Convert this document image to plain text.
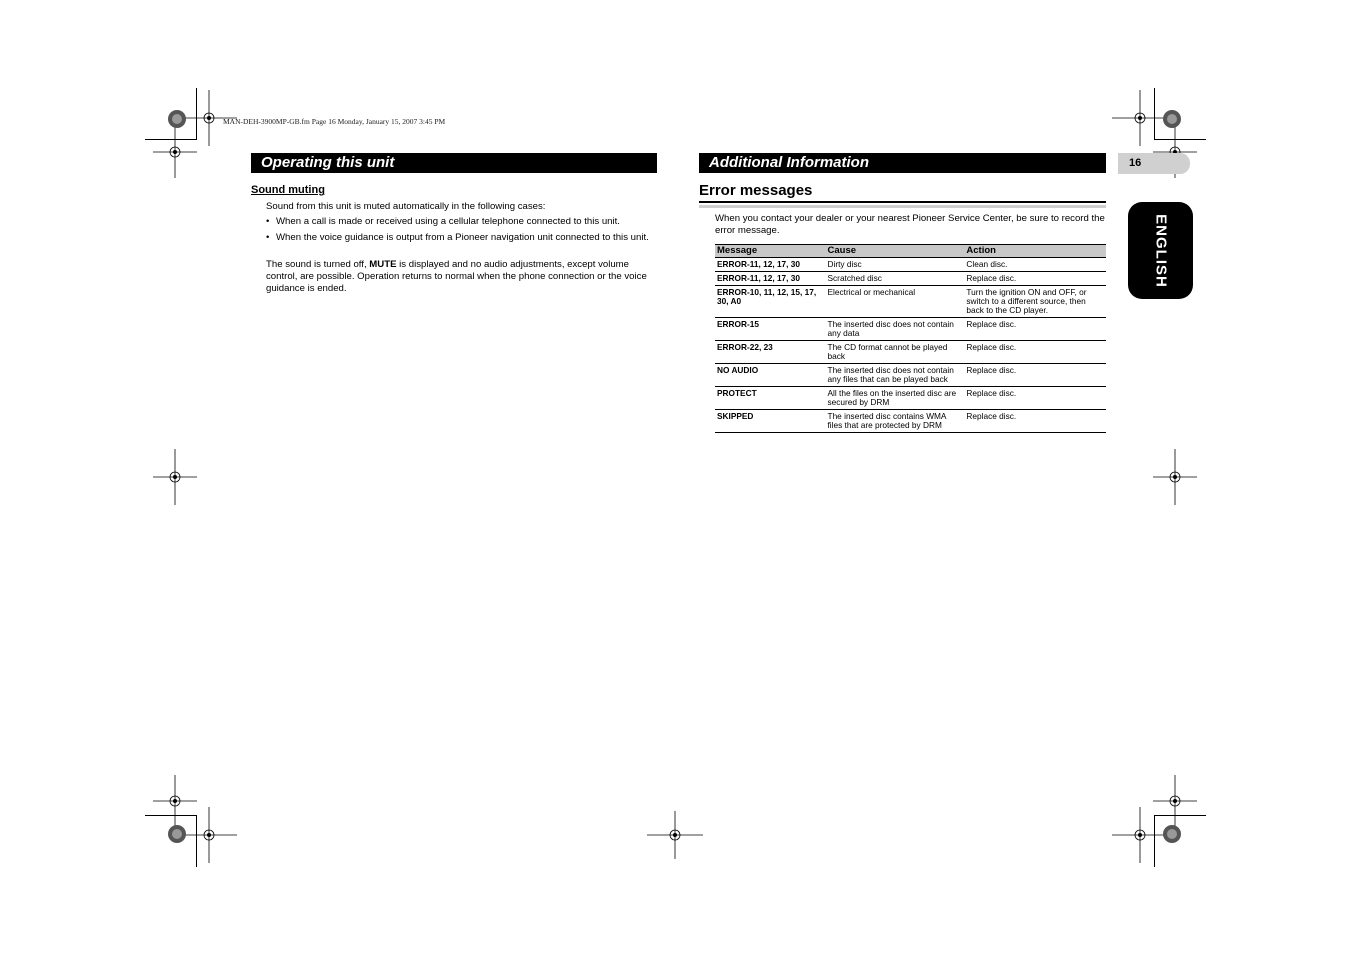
MAN-DEH-3900MP-GB.fm Page 16 Monday, January 15, 2007 3:45 PM
Operating this unit
Sound muting
Sound from this unit is muted automatically in the following cases:
• When a call is made or received using a cellular telephone connected to this unit.
• When the voice guidance is output from a Pioneer navigation unit connected to this unit.
The sound is turned off, MUTE is displayed and no audio adjustments, except volume control, are possible. Operation returns to normal when the phone connection or the voice guidance is ended.
Additional Information	16
ENGLISH
Error messages
When you contact your dealer or your nearest Pioneer Service Center, be sure to record the error message.
Message	Cause	Action
ERROR-11, 12, 17, 30	Dirty disc	Clean disc.
ERROR-11, 12, 17, 30	Scratched disc	Replace disc.
ERROR-10, 11, 12, 15, 17, 30, A0	Electrical or mechanical	Turn the ignition ON and OFF, or switch to a different source, then back to the CD player.
ERROR-15	The inserted disc does not contain any data	Replace disc.
ERROR-22, 23	The CD format cannot be played back	Replace disc.
NO AUDIO	The inserted disc does not contain any files that can be played back	Replace disc.
PROTECT	All the files on the inserted disc are secured by DRM	Replace disc.
SKIPPED	The inserted disc contains WMA files that are protected by DRM	Replace disc.
